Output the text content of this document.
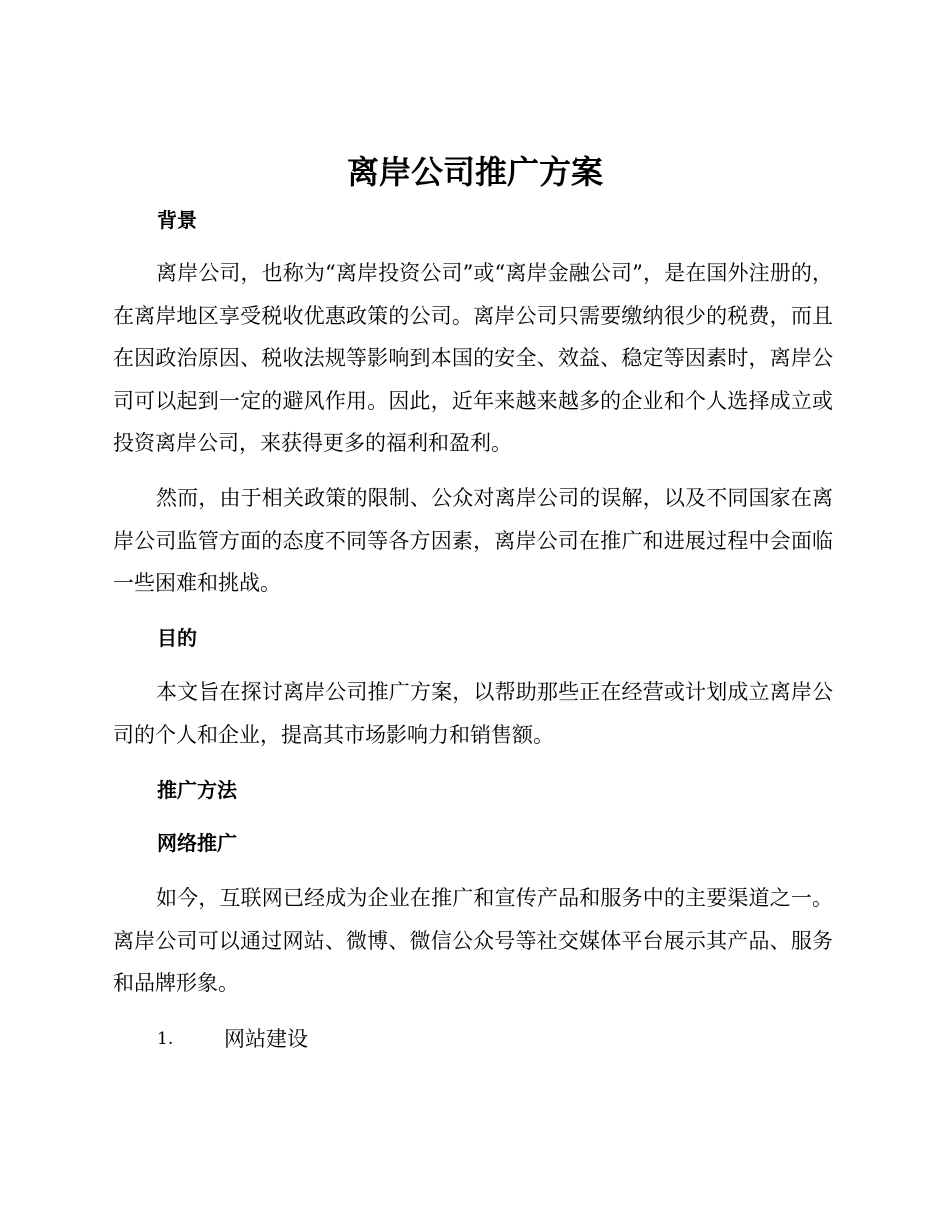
离岸公司推广方案
背景

离岸公司，也称为“离岸投资公司”或“离岸金融公司”，是在国外注册的，在离岸地区享受税收优惠政策的公司。离岸公司只需要缴纳很少的税费，而且在因政治原因、税收法规等影响到本国的安全、效益、稳定等因素时，离岸公司可以起到一定的避风作用。因此，近年来越来越多的企业和个人选择成立或投资离岸公司，来获得更多的福利和盈利。

然而，由于相关政策的限制、公众对离岸公司的误解，以及不同国家在离岸公司监管方面的态度不同等各方因素，离岸公司在推广和进展过程中会面临一些困难和挑战。

目的

本文旨在探讨离岸公司推广方案，以帮助那些正在经营或计划成立离岸公司的个人和企业，提高其市场影响力和销售额。

推广方法
网络推广

如今，互联网已经成为企业在推广和宣传产品和服务中的主要渠道之一。离岸公司可以通过网站、微博、微信公众号等社交媒体平台展示其产品、服务和品牌形象。

1.	网站建设
